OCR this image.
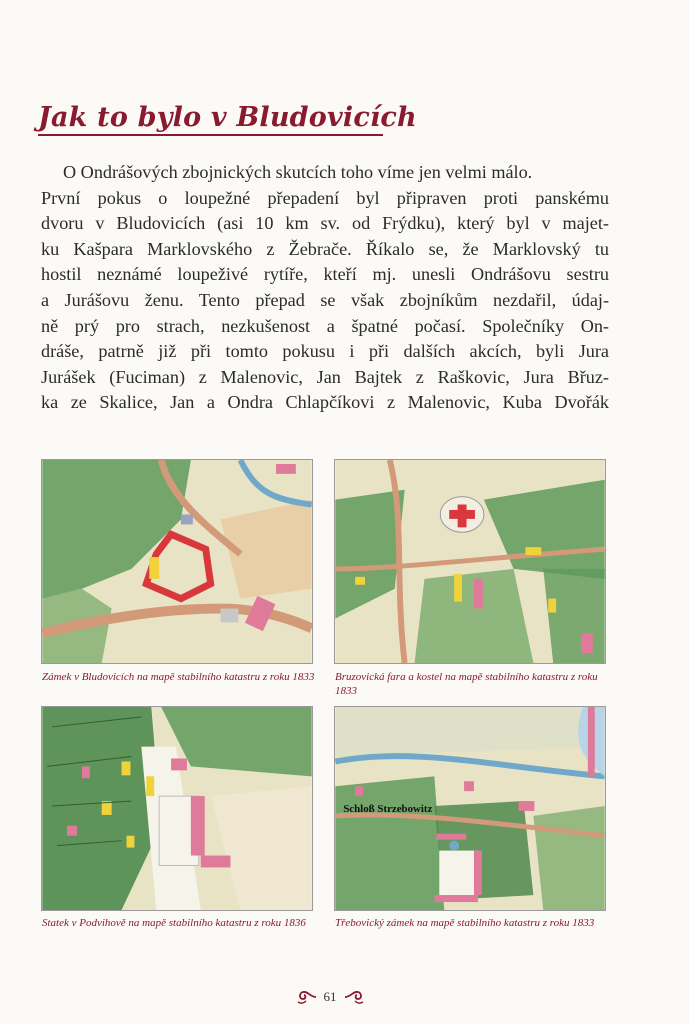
Jak to bylo v Bludovicích
O Ondrášových zbojnických skutcích toho víme jen velmi málo.
První pokus o loupežné přepadení byl připraven proti panskému
dvoru v Bludovicích (asi 10 km sv. od Frýdku), který byl v majet-
ku Kašpara Marklovského z Žebrače. Říkalo se, že Marklovský tu
hostil neznámé loupeživé rytíře, kteří mj. unesli Ondrášovu sestru
a Jurášovu ženu. Tento přepad se však zbojníkům nezdařil, údaj-
ně prý pro strach, nezkušenost a špatné počasí. Společníky On-
dráše, patrně již při tomto pokusu i při dalších akcích, byli Jura
Jurášek (Fuciman) z Malenovic, Jan Bajtek z Raškovic, Jura Břuz-
ka ze Skalice, Jan a Ondra Chlapčíkovi z Malenovic, Kuba Dvořák
Zámek v Bludovicích na mapě stabilního katastru z roku 1833	Bruzovická fara a kostel na mapě stabilního katastru z roku 1833
Statek v Podvihově na mapě stabilního katastru z roku 1836
Schloß Strzebowitz
Třebovický zámek na mapě stabilního katastru z roku 1833
61
